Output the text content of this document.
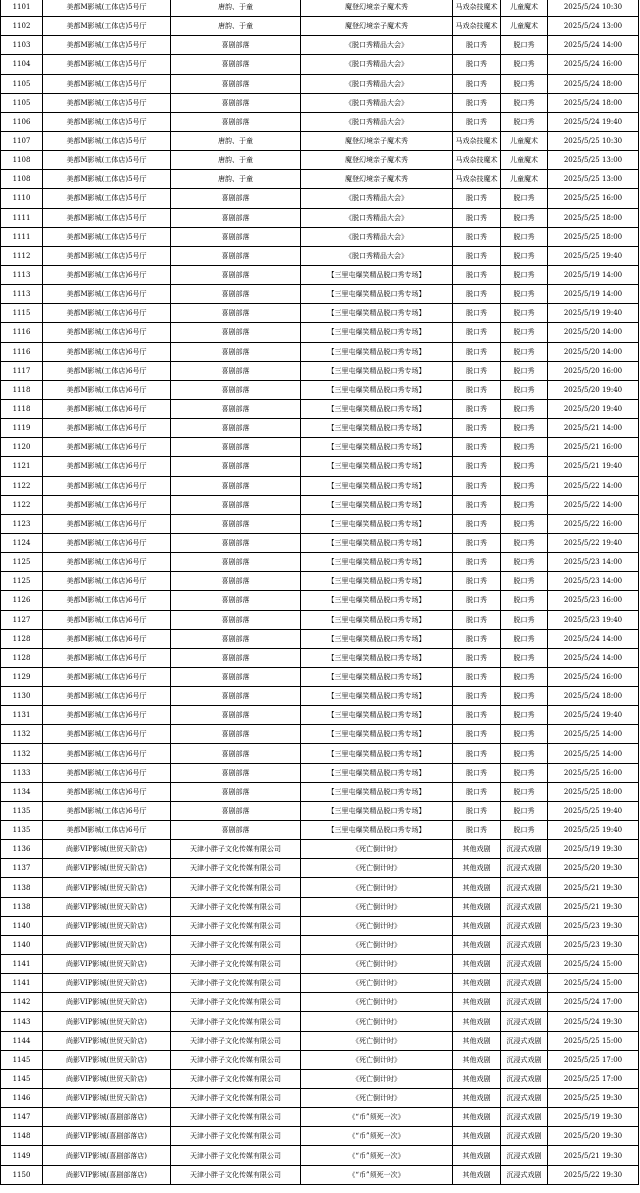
1101	美都M影城(工体店)5号厅	唐韵、于童	魔登幻境亲子魔术秀	马戏杂技魔术	儿童魔术	2025/5/24 10:30
1102	美都M影城(工体店)5号厅	唐韵、于童	魔登幻境亲子魔术秀	马戏杂技魔术	儿童魔术	2025/5/24 13:00
1103	美都M影城(工体店)5号厅	喜剧部落	《脱口秀精品大会》	脱口秀	脱口秀	2025/5/24 14:00
1104	美都M影城(工体店)5号厅	喜剧部落	《脱口秀精品大会》	脱口秀	脱口秀	2025/5/24 16:00
1105	美都M影城(工体店)5号厅	喜剧部落	《脱口秀精品大会》	脱口秀	脱口秀	2025/5/24 18:00
1105	美都M影城(工体店)5号厅	喜剧部落	《脱口秀精品大会》	脱口秀	脱口秀	2025/5/24 18:00
1106	美都M影城(工体店)5号厅	喜剧部落	《脱口秀精品大会》	脱口秀	脱口秀	2025/5/24 19:40
1107	美都M影城(工体店)5号厅	唐韵、于童	魔登幻境亲子魔术秀	马戏杂技魔术	儿童魔术	2025/5/25 10:30
1108	美都M影城(工体店)5号厅	唐韵、于童	魔登幻境亲子魔术秀	马戏杂技魔术	儿童魔术	2025/5/25 13:00
1108	美都M影城(工体店)5号厅	唐韵、于童	魔登幻境亲子魔术秀	马戏杂技魔术	儿童魔术	2025/5/25 13:00
1110	美都M影城(工体店)5号厅	喜剧部落	《脱口秀精品大会》	脱口秀	脱口秀	2025/5/25 16:00
1111	美都M影城(工体店)5号厅	喜剧部落	《脱口秀精品大会》	脱口秀	脱口秀	2025/5/25 18:00
1111	美都M影城(工体店)5号厅	喜剧部落	《脱口秀精品大会》	脱口秀	脱口秀	2025/5/25 18:00
1112	美都M影城(工体店)5号厅	喜剧部落	《脱口秀精品大会》	脱口秀	脱口秀	2025/5/25 19:40
1113	美都M影城(工体店)6号厅	喜剧部落	【三里屯爆笑精品脱口秀专场】	脱口秀	脱口秀	2025/5/19 14:00
1113	美都M影城(工体店)6号厅	喜剧部落	【三里屯爆笑精品脱口秀专场】	脱口秀	脱口秀	2025/5/19 14:00
1115	美都M影城(工体店)6号厅	喜剧部落	【三里屯爆笑精品脱口秀专场】	脱口秀	脱口秀	2025/5/19 19:40
1116	美都M影城(工体店)6号厅	喜剧部落	【三里屯爆笑精品脱口秀专场】	脱口秀	脱口秀	2025/5/20 14:00
1116	美都M影城(工体店)6号厅	喜剧部落	【三里屯爆笑精品脱口秀专场】	脱口秀	脱口秀	2025/5/20 14:00
1117	美都M影城(工体店)6号厅	喜剧部落	【三里屯爆笑精品脱口秀专场】	脱口秀	脱口秀	2025/5/20 16:00
1118	美都M影城(工体店)6号厅	喜剧部落	【三里屯爆笑精品脱口秀专场】	脱口秀	脱口秀	2025/5/20 19:40
1118	美都M影城(工体店)6号厅	喜剧部落	【三里屯爆笑精品脱口秀专场】	脱口秀	脱口秀	2025/5/20 19:40
1119	美都M影城(工体店)6号厅	喜剧部落	【三里屯爆笑精品脱口秀专场】	脱口秀	脱口秀	2025/5/21 14:00
1120	美都M影城(工体店)6号厅	喜剧部落	【三里屯爆笑精品脱口秀专场】	脱口秀	脱口秀	2025/5/21 16:00
1121	美都M影城(工体店)6号厅	喜剧部落	【三里屯爆笑精品脱口秀专场】	脱口秀	脱口秀	2025/5/21 19:40
1122	美都M影城(工体店)6号厅	喜剧部落	【三里屯爆笑精品脱口秀专场】	脱口秀	脱口秀	2025/5/22 14:00
1122	美都M影城(工体店)6号厅	喜剧部落	【三里屯爆笑精品脱口秀专场】	脱口秀	脱口秀	2025/5/22 14:00
1123	美都M影城(工体店)6号厅	喜剧部落	【三里屯爆笑精品脱口秀专场】	脱口秀	脱口秀	2025/5/22 16:00
1124	美都M影城(工体店)6号厅	喜剧部落	【三里屯爆笑精品脱口秀专场】	脱口秀	脱口秀	2025/5/22 19:40
1125	美都M影城(工体店)6号厅	喜剧部落	【三里屯爆笑精品脱口秀专场】	脱口秀	脱口秀	2025/5/23 14:00
1125	美都M影城(工体店)6号厅	喜剧部落	【三里屯爆笑精品脱口秀专场】	脱口秀	脱口秀	2025/5/23 14:00
1126	美都M影城(工体店)6号厅	喜剧部落	【三里屯爆笑精品脱口秀专场】	脱口秀	脱口秀	2025/5/23 16:00
1127	美都M影城(工体店)6号厅	喜剧部落	【三里屯爆笑精品脱口秀专场】	脱口秀	脱口秀	2025/5/23 19:40
1128	美都M影城(工体店)6号厅	喜剧部落	【三里屯爆笑精品脱口秀专场】	脱口秀	脱口秀	2025/5/24 14:00
1128	美都M影城(工体店)6号厅	喜剧部落	【三里屯爆笑精品脱口秀专场】	脱口秀	脱口秀	2025/5/24 14:00
1129	美都M影城(工体店)6号厅	喜剧部落	【三里屯爆笑精品脱口秀专场】	脱口秀	脱口秀	2025/5/24 16:00
1130	美都M影城(工体店)6号厅	喜剧部落	【三里屯爆笑精品脱口秀专场】	脱口秀	脱口秀	2025/5/24 18:00
1131	美都M影城(工体店)6号厅	喜剧部落	【三里屯爆笑精品脱口秀专场】	脱口秀	脱口秀	2025/5/24 19:40
1132	美都M影城(工体店)6号厅	喜剧部落	【三里屯爆笑精品脱口秀专场】	脱口秀	脱口秀	2025/5/25 14:00
1132	美都M影城(工体店)6号厅	喜剧部落	【三里屯爆笑精品脱口秀专场】	脱口秀	脱口秀	2025/5/25 14:00
1133	美都M影城(工体店)6号厅	喜剧部落	【三里屯爆笑精品脱口秀专场】	脱口秀	脱口秀	2025/5/25 16:00
1134	美都M影城(工体店)6号厅	喜剧部落	【三里屯爆笑精品脱口秀专场】	脱口秀	脱口秀	2025/5/25 18:00
1135	美都M影城(工体店)6号厅	喜剧部落	【三里屯爆笑精品脱口秀专场】	脱口秀	脱口秀	2025/5/25 19:40
1135	美都M影城(工体店)6号厅	喜剧部落	【三里屯爆笑精品脱口秀专场】	脱口秀	脱口秀	2025/5/25 19:40
1136	尚影VIP影城(世贸天阶店)	天津小胖子文化传媒有限公司	《死亡倒计时》	其他戏剧	沉浸式戏剧	2025/5/19 19:30
1137	尚影VIP影城(世贸天阶店)	天津小胖子文化传媒有限公司	《死亡倒计时》	其他戏剧	沉浸式戏剧	2025/5/20 19:30
1138	尚影VIP影城(世贸天阶店)	天津小胖子文化传媒有限公司	《死亡倒计时》	其他戏剧	沉浸式戏剧	2025/5/21 19:30
1138	尚影VIP影城(世贸天阶店)	天津小胖子文化传媒有限公司	《死亡倒计时》	其他戏剧	沉浸式戏剧	2025/5/21 19:30
1140	尚影VIP影城(世贸天阶店)	天津小胖子文化传媒有限公司	《死亡倒计时》	其他戏剧	沉浸式戏剧	2025/5/23 19:30
1140	尚影VIP影城(世贸天阶店)	天津小胖子文化传媒有限公司	《死亡倒计时》	其他戏剧	沉浸式戏剧	2025/5/23 19:30
1141	尚影VIP影城(世贸天阶店)	天津小胖子文化传媒有限公司	《死亡倒计时》	其他戏剧	沉浸式戏剧	2025/5/24 15:00
1141	尚影VIP影城(世贸天阶店)	天津小胖子文化传媒有限公司	《死亡倒计时》	其他戏剧	沉浸式戏剧	2025/5/24 15:00
1142	尚影VIP影城(世贸天阶店)	天津小胖子文化传媒有限公司	《死亡倒计时》	其他戏剧	沉浸式戏剧	2025/5/24 17:00
1143	尚影VIP影城(世贸天阶店)	天津小胖子文化传媒有限公司	《死亡倒计时》	其他戏剧	沉浸式戏剧	2025/5/24 19:30
1144	尚影VIP影城(世贸天阶店)	天津小胖子文化传媒有限公司	《死亡倒计时》	其他戏剧	沉浸式戏剧	2025/5/25 15:00
1145	尚影VIP影城(世贸天阶店)	天津小胖子文化传媒有限公司	《死亡倒计时》	其他戏剧	沉浸式戏剧	2025/5/25 17:00
1145	尚影VIP影城(世贸天阶店)	天津小胖子文化传媒有限公司	《死亡倒计时》	其他戏剧	沉浸式戏剧	2025/5/25 17:00
1146	尚影VIP影城(世贸天阶店)	天津小胖子文化传媒有限公司	《死亡倒计时》	其他戏剧	沉浸式戏剧	2025/5/25 19:30
1147	尚影VIP影城(喜剧部落店)	天津小胖子文化传媒有限公司	《“币”须死一次》	其他戏剧	沉浸式戏剧	2025/5/19 19:30
1148	尚影VIP影城(喜剧部落店)	天津小胖子文化传媒有限公司	《“币”须死一次》	其他戏剧	沉浸式戏剧	2025/5/20 19:30
1149	尚影VIP影城(喜剧部落店)	天津小胖子文化传媒有限公司	《“币”须死一次》	其他戏剧	沉浸式戏剧	2025/5/21 19:30
1150	尚影VIP影城(喜剧部落店)	天津小胖子文化传媒有限公司	《“币”须死一次》	其他戏剧	沉浸式戏剧	2025/5/22 19:30
